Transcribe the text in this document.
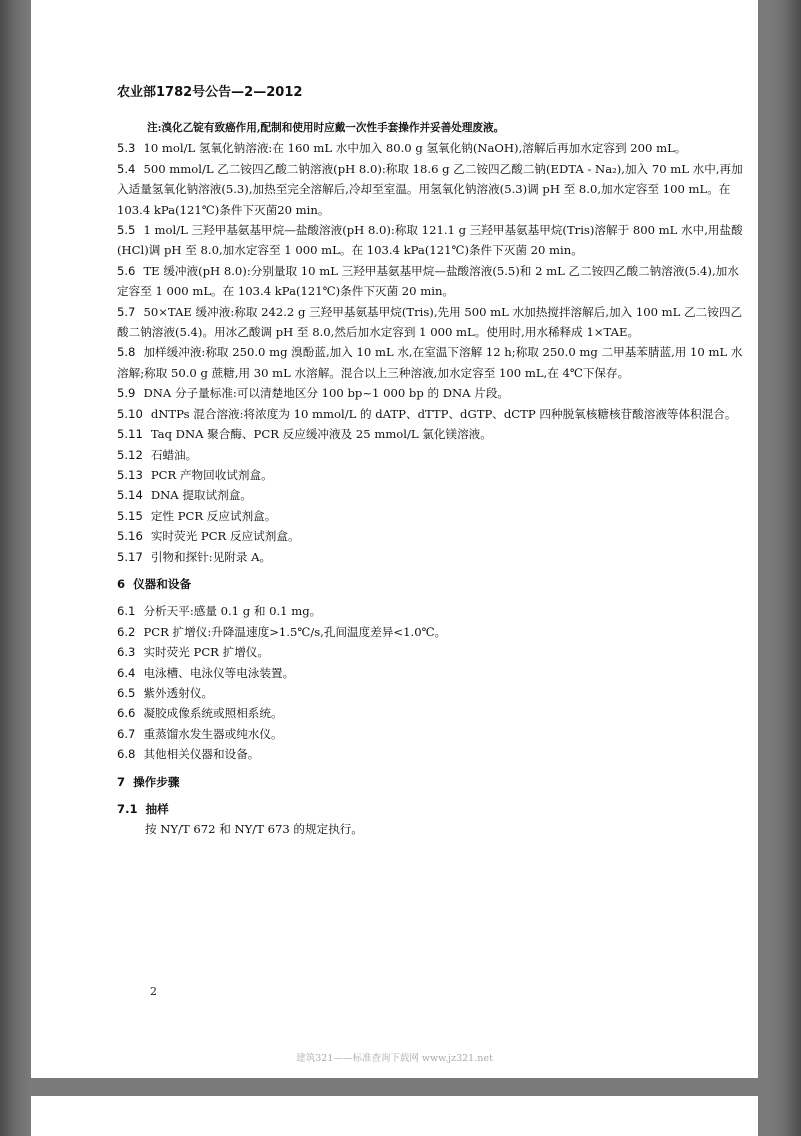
农业部1782号公告—2—2012
注:溴化乙锭有致癌作用,配制和使用时应戴一次性手套操作并妥善处理废液。
5.3 10 mol/L 氢氧化钠溶液:在 160 mL 水中加入 80.0 g 氢氧化钠(NaOH),溶解后再加水定容到 200 mL。
5.4 500 mmol/L 乙二铵四乙酸二钠溶液(pH 8.0):称取 18.6 g 乙二铵四乙酸二钠(EDTA - Na₂),加入 70 mL 水中,再加入适量氢氧化钠溶液(5.3),加热至完全溶解后,冷却至室温。用氢氧化钠溶液(5.3)调 pH 至 8.0,加水定容至 100 mL。在 103.4 kPa(121℃)条件下灭菌20 min。
5.5 1 mol/L 三羟甲基氨基甲烷—盐酸溶液(pH 8.0):称取 121.1 g 三羟甲基氨基甲烷(Tris)溶解于 800 mL 水中,用盐酸(HCl)调 pH 至 8.0,加水定容至 1 000 mL。在 103.4 kPa(121℃)条件下灭菌 20 min。
5.6 TE 缓冲液(pH 8.0):分别量取 10 mL 三羟甲基氨基甲烷—盐酸溶液(5.5)和 2 mL 乙二铵四乙酸二钠溶液(5.4),加水定容至 1 000 mL。在 103.4 kPa(121℃)条件下灭菌 20 min。
5.7 50×TAE 缓冲液:称取 242.2 g 三羟甲基氨基甲烷(Tris),先用 500 mL 水加热搅拌溶解后,加入 100 mL 乙二铵四乙酸二钠溶液(5.4)。用冰乙酸调 pH 至 8.0,然后加水定容到 1 000 mL。使用时,用水稀释成 1×TAE。
5.8 加样缓冲液:称取 250.0 mg 溴酚蓝,加入 10 mL 水,在室温下溶解 12 h;称取 250.0 mg 二甲基苯腈蓝,用 10 mL 水溶解;称取 50.0 g 蔗糖,用 30 mL 水溶解。混合以上三种溶液,加水定容至 100 mL,在 4℃下保存。
5.9 DNA 分子量标准:可以清楚地区分 100 bp~1 000 bp 的 DNA 片段。
5.10 dNTPs 混合溶液:将浓度为 10 mmol/L 的 dATP、dTTP、dGTP、dCTP 四种脱氧核糖核苷酸溶液等体积混合。
5.11 Taq DNA 聚合酶、PCR 反应缓冲液及 25 mmol/L 氯化镁溶液。
5.12 石蜡油。
5.13 PCR 产物回收试剂盒。
5.14 DNA 提取试剂盒。
5.15 定性 PCR 反应试剂盒。
5.16 实时荧光 PCR 反应试剂盒。
5.17 引物和探针:见附录 A。
6 仪器和设备
6.1 分析天平:感量 0.1 g 和 0.1 mg。
6.2 PCR 扩增仪:升降温速度>1.5℃/s,孔间温度差异<1.0℃。
6.3 实时荧光 PCR 扩增仪。
6.4 电泳槽、电泳仪等电泳装置。
6.5 紫外透射仪。
6.6 凝胶成像系统或照相系统。
6.7 重蒸馏水发生器或纯水仪。
6.8 其他相关仪器和设备。
7 操作步骤
7.1 抽样
按 NY/T 672 和 NY/T 673 的规定执行。
2
建筑321——标准查询下载网 www.jz321.net
